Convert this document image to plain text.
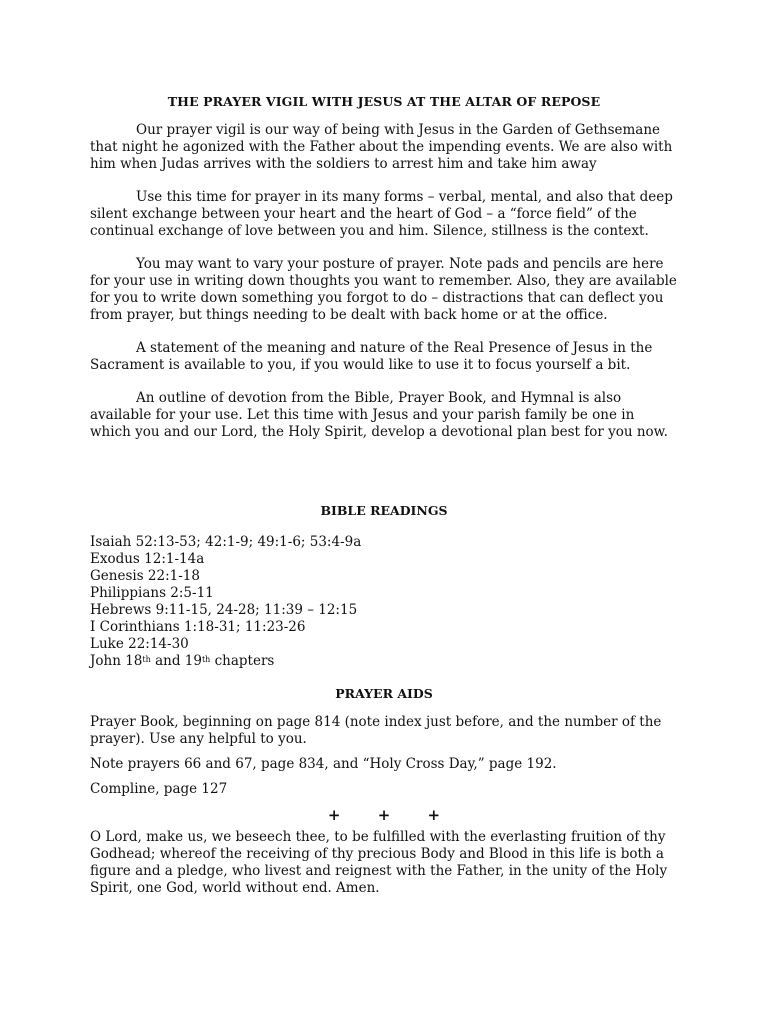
THE PRAYER VIGIL WITH JESUS AT THE ALTAR OF REPOSE

Our prayer vigil is our way of being with Jesus in the Garden of Gethsemane that night he agonized with the Father about the impending events. We are also with him when Judas arrives with the soldiers to arrest him and take him away

Use this time for prayer in its many forms – verbal, mental, and also that deep silent exchange between your heart and the heart of God – a “force field” of the continual exchange of love between you and him. Silence, stillness is the context.

You may want to vary your posture of prayer. Note pads and pencils are here for your use in writing down thoughts you want to remember. Also, they are available for you to write down something you forgot to do – distractions that can deflect you from prayer, but things needing to be dealt with back home or at the office.

A statement of the meaning and nature of the Real Presence of Jesus in the Sacrament is available to you, if you would like to use it to focus yourself a bit.

An outline of devotion from the Bible, Prayer Book, and Hymnal is also available for your use. Let this time with Jesus and your parish family be one in which you and our Lord, the Holy Spirit, develop a devotional plan best for you now.

BIBLE READINGS
Isaiah 52:13-53; 42:1-9; 49:1-6; 53:4-9a
Exodus 12:1-14a
Genesis 22:1-18
Philippians 2:5-11
Hebrews 9:11-15, 24-28; 11:39 – 12:15
I Corinthians 1:18-31; 11:23-26
Luke 22:14-30
John 18th and 19th chapters
PRAYER AIDS

Prayer Book, beginning on page 814 (note index just before, and the number of the prayer). Use any helpful to you.

Note prayers 66 and 67, page 834, and “Holy Cross Day,” page 192.

Compline, page 127

+ + +

O Lord, make us, we beseech thee, to be fulfilled with the everlasting fruition of thy Godhead; whereof the receiving of thy precious Body and Blood in this life is both a figure and a pledge, who livest and reignest with the Father, in the unity of the Holy Spirit, one God, world without end. Amen.
